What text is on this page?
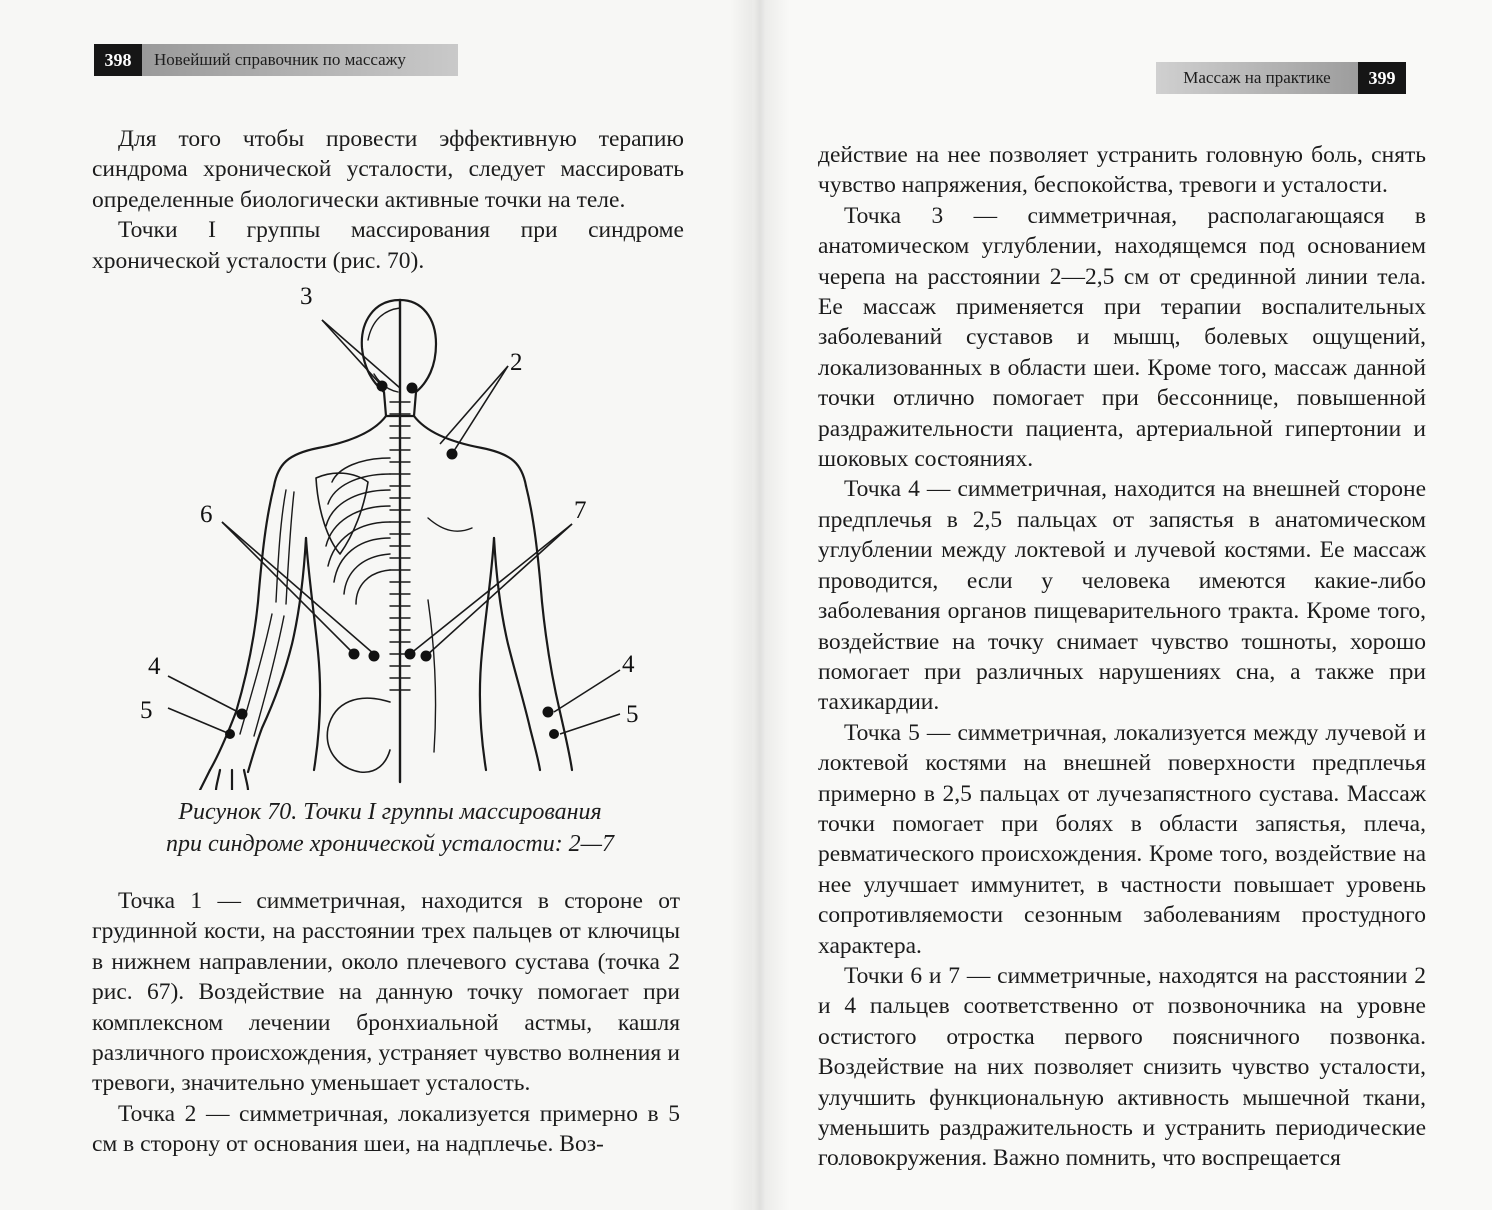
398	Новейший справочник по массажу

Для того чтобы провести эффективную терапию синдрома хронической усталости, следует массировать определенные биологически активные точки на теле.

Точки I группы массирования при синдроме хронической усталости (рис. 70).

3
2
6	7
4
5
4
5
Рисунок 70. Точки I группы массирования
при синдроме хронической усталости: 2—7

Точка 1 — симметричная, находится в стороне от грудинной кости, на расстоянии трех пальцев от ключицы в нижнем направлении, около плечевого сустава (точка 2 рис. 67). Воздействие на данную точку помогает при комплексном лечении бронхиальной астмы, кашля различного происхождения, устраняет чувство волнения и тревоги, значительно уменьшает усталость.

Точка 2 — симметричная, локализуется примерно в 5 см в сторону от основания шеи, на надплечье. Воз-

Массаж на практике	399

действие на нее позволяет устранить головную боль, снять чувство напряжения, беспокойства, тревоги и усталости.

Точка 3 — симметричная, располагающаяся в анатомическом углублении, находящемся под основанием черепа на расстоянии 2—2,5 см от срединной линии тела. Ее массаж применяется при терапии воспалительных заболеваний суставов и мышц, болевых ощущений, локализованных в области шеи. Кроме того, массаж данной точки отлично помогает при бессоннице, повышенной раздражительности пациента, артериальной гипертонии и шоковых состояниях.

Точка 4 — симметричная, находится на внешней стороне предплечья в 2,5 пальцах от запястья в анатомическом углублении между локтевой и лучевой костями. Ее массаж проводится, если у человека имеются какие-либо заболевания органов пищеварительного тракта. Кроме того, воздействие на точку снимает чувство тошноты, хорошо помогает при различных нарушениях сна, а также при тахикардии.

Точка 5 — симметричная, локализуется между лучевой и локтевой костями на внешней поверхности предплечья примерно в 2,5 пальцах от лучезапястного сустава. Массаж точки помогает при болях в области запястья, плеча, ревматического происхождения. Кроме того, воздействие на нее улучшает иммунитет, в частности повышает уровень сопротивляемости сезонным заболеваниям простудного характера.

Точки 6 и 7 — симметричные, находятся на расстоянии 2 и 4 пальцев соответственно от позвоночника на уровне остистого отростка первого поясничного позвонка. Воздействие на них позволяет снизить чувство усталости, улучшить функциональную активность мышечной ткани, уменьшить раздражительность и устранить периодические головокружения. Важно помнить, что воспрещается
